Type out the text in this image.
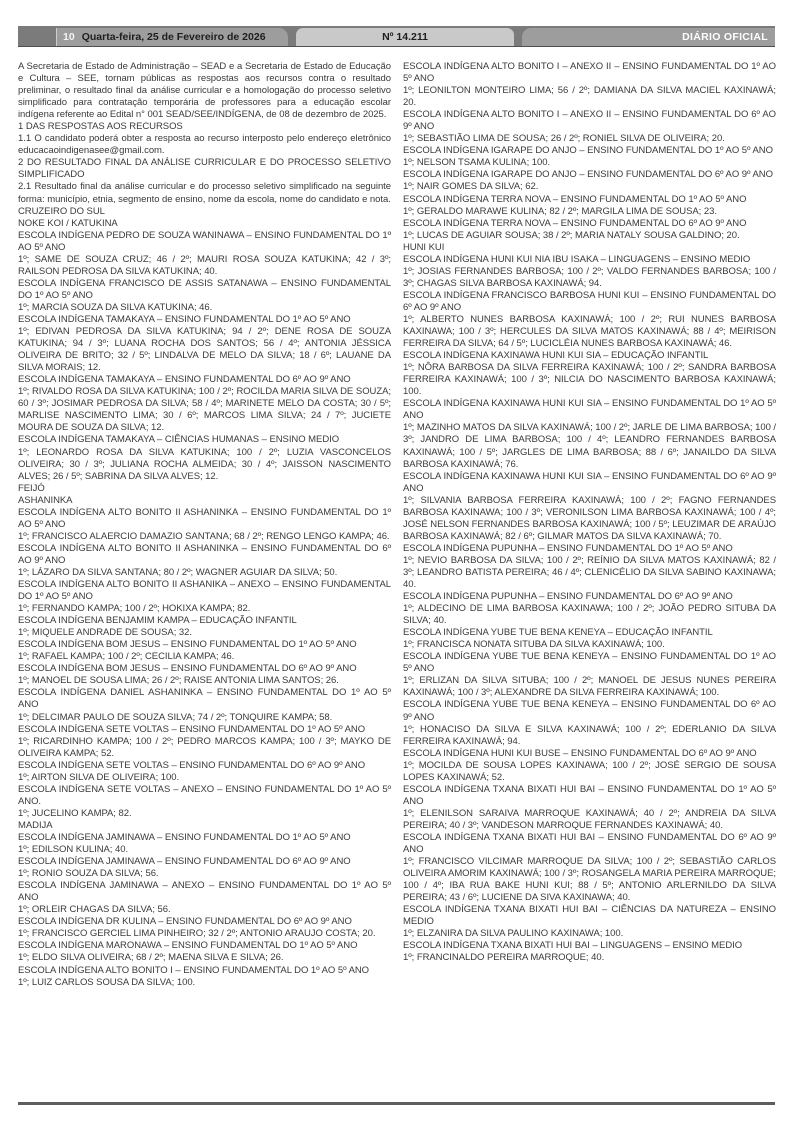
10 Quarta-feira, 25 de Fevereiro de 2026	Nº 14.211	DIÁRIO OFICIAL

A Secretaria de Estado de Administração – SEAD e a Secretaria de Estado de Educação e Cultura – SEE, tornam públicas as respostas aos recursos contra o resultado preliminar, o resultado final da análise curricular e a homologação do processo seletivo simplificado para contratação temporária de professores para a educação escolar indígena referente ao Edital n° 001 SEAD/SEE/INDÍGENA, de 08 de dezembro de 2025.

1 DAS RESPOSTAS AOS RECURSOS

1.1 O candidato poderá obter a resposta ao recurso interposto pelo endereço eletrônico educacaoindigenasee@gmail.com.

2 DO RESULTADO FINAL DA ANÁLISE CURRICULAR E DO PROCESSO SELETIVO SIMPLIFICADO

2.1 Resultado final da análise curricular e do processo seletivo simplificado na seguinte forma: município, etnia, segmento de ensino, nome da escola, nome do candidato e nota.

CRUZEIRO DO SUL

NOKE KOI / KATUKINA

ESCOLA INDÍGENA PEDRO DE SOUZA WANINAWA – ENSINO FUNDAMENTAL DO 1º AO 5º ANO

1º; SAME DE SOUZA CRUZ; 46 / 2º; MAURI ROSA SOUZA KATUKINA; 42 / 3º; RAILSON PEDROSA DA SILVA KATUKINA; 40.

ESCOLA INDÍGENA FRANCISCO DE ASSIS SATANAWA – ENSINO FUNDAMENTAL DO 1º AO 5º ANO

1º; MARCIA SOUZA DA SILVA KATUKINA; 46.

ESCOLA INDÍGENA TAMAKAYA – ENSINO FUNDAMENTAL DO 1º AO 5º ANO

1º; EDIVAN PEDROSA DA SILVA KATUKINA; 94 / 2º; DENE ROSA DE SOUZA KATUKINA; 94 / 3º; LUANA ROCHA DOS SANTOS; 56 / 4º; ANTONIA JÉSSICA OLIVEIRA DE BRITO; 32 / 5º; LINDALVA DE MELO DA SILVA; 18 / 6º; LAUANE DA SILVA MORAIS; 12.

ESCOLA INDÍGENA TAMAKAYA – ENSINO FUNDAMENTAL DO 6º AO 9º ANO

1º; RIVALDO ROSA DA SILVA KATUKINA; 100 / 2º; ROCILDA MARIA SILVA DE SOUZA; 60 / 3º; JOSIMAR PEDROSA DA SILVA; 58 / 4º; MARINETE MELO DA COSTA; 30 / 5º; MARLISE NASCIMENTO LIMA; 30 / 6º; MARCOS LIMA SILVA; 24 / 7º; JUCIETE MOURA DE SOUZA DA SILVA; 12.

ESCOLA INDÍGENA TAMAKAYA – CIÊNCIAS HUMANAS – ENSINO MEDIO

1º; LEONARDO ROSA DA SILVA KATUKINA; 100 / 2º; LUZIA VASCONCELOS OLIVEIRA; 30 / 3º; JULIANA ROCHA ALMEIDA; 30 / 4º; JAISSON NASCIMENTO ALVES; 26 / 5º; SABRINA DA SILVA ALVES; 12.

FEIJÓ

ASHANINKA

ESCOLA INDÍGENA ALTO BONITO II ASHANINKA – ENSINO FUNDAMENTAL DO 1º AO 5º ANO

1º; FRANCISCO ALAERCIO DAMAZIO SANTANA; 68 / 2º; RENGO LENGO KAMPA; 46.

ESCOLA INDÍGENA ALTO BONITO II ASHANINKA – ENSINO FUNDAMENTAL DO 6º AO 9º ANO

1º; LÁZARO DA SILVA SANTANA; 80 / 2º; WAGNER AGUIAR DA SILVA; 50.

ESCOLA INDÍGENA ALTO BONITO II ASHANIKA – ANEXO – ENSINO FUNDAMENTAL DO 1º AO 5º ANO

1º; FERNANDO KAMPA; 100 / 2º; HOKIXA KAMPA; 82.

ESCOLA INDÍGENA BENJAMIM KAMPA – EDUCAÇÃO INFANTIL

1º; MIQUELE ANDRADE DE SOUSA; 32.

ESCOLA INDÍGENA BOM JESUS – ENSINO FUNDAMENTAL DO 1º AO 5º ANO

1º; RAFAEL KAMPA; 100 / 2º; CECILIA KAMPA; 46.

ESCOLA INDÍGENA BOM JESUS – ENSINO FUNDAMENTAL DO 6º AO 9º ANO

1º; MANOEL DE SOUSA LIMA; 26 / 2º; RAISE ANTONIA LIMA SANTOS; 26.

ESCOLA INDÍGENA DANIEL ASHANINKA – ENSINO FUNDAMENTAL DO 1º AO 5º ANO

1º; DELCIMAR PAULO DE SOUZA SILVA; 74 / 2º; TONQUIRE KAMPA; 58.

ESCOLA INDÍGENA SETE VOLTAS – ENSINO FUNDAMENTAL DO 1º AO 5º ANO

1º; RICARDINHO KAMPA; 100 / 2º; PEDRO MARCOS KAMPA; 100 / 3º; MAYKO DE OLIVEIRA KAMPA; 52.

ESCOLA INDÍGENA SETE VOLTAS – ENSINO FUNDAMENTAL DO 6º AO 9º ANO

1º; AIRTON SILVA DE OLIVEIRA; 100.

ESCOLA INDÍGENA SETE VOLTAS – ANEXO – ENSINO FUNDAMENTAL DO 1º AO 5º ANO.

1º; JUCELINO KAMPA; 82.

MADIJA

ESCOLA INDÍGENA JAMINAWA – ENSINO FUNDAMENTAL DO 1º AO 5º ANO

1º; EDILSON KULINA; 40.

ESCOLA INDÍGENA JAMINAWA – ENSINO FUNDAMENTAL DO 6º AO 9º ANO

1º; RONIO SOUZA DA SILVA; 56.

ESCOLA INDÍGENA JAMINAWA – ANEXO – ENSINO FUNDAMENTAL DO 1º AO 5º ANO

1º; ORLEIR CHAGAS DA SILVA; 56.

ESCOLA INDÍGENA DR KULINA – ENSINO FUNDAMENTAL DO 6º AO 9º ANO

1º; FRANCISCO GERCIEL LIMA PINHEIRO; 32 / 2º; ANTONIO ARAUJO COSTA; 20.

ESCOLA INDÍGENA MARONAWA – ENSINO FUNDAMENTAL DO 1º AO 5º ANO

1º; ELDO SILVA OLIVEIRA; 68 / 2º; MAENA SILVA E SILVA; 26.

ESCOLA INDÍGENA ALTO BONITO I – ENSINO FUNDAMENTAL DO 1º AO 5º ANO

1º; LUIZ CARLOS SOUSA DA SILVA; 100.

ESCOLA INDÍGENA ALTO BONITO I – ANEXO II – ENSINO FUNDAMENTAL DO 1º AO 5º ANO

1º; LEONILTON MONTEIRO LIMA; 56 / 2º; DAMIANA DA SILVA MACIEL KAXINAWÁ; 20.

ESCOLA INDÍGENA ALTO BONITO I – ANEXO II – ENSINO FUNDAMENTAL DO 6º AO 9º ANO

1º; SEBASTIÃO LIMA DE SOUSA; 26 / 2º; RONIEL SILVA DE OLIVEIRA; 20.

ESCOLA INDÍGENA IGARAPE DO ANJO – ENSINO FUNDAMENTAL DO 1º AO 5º ANO

1º; NELSON TSAMA KULINA; 100.

ESCOLA INDÍGENA IGARAPE DO ANJO – ENSINO FUNDAMENTAL DO 6º AO 9º ANO

1º; NAIR GOMES DA SILVA; 62.

ESCOLA INDÍGENA TERRA NOVA – ENSINO FUNDAMENTAL DO 1º AO 5º ANO

1º; GERALDO MARAWE KULINA; 82 / 2º; MARGILA LIMA DE SOUSA; 23.

ESCOLA INDÍGENA TERRA NOVA – ENSINO FUNDAMENTAL DO 6º AO 9º ANO

1º; LUCAS DE AGUIAR SOUSA; 38 / 2º; MARIA NATALY SOUSA GALDINO; 20.

HUNI KUI

ESCOLA INDÍGENA HUNI KUI NIA IBU ISAKA – LINGUAGENS – ENSINO MEDIO

1º; JOSIAS FERNANDES BARBOSA; 100 / 2º; VALDO FERNANDES BARBOSA; 100 / 3º; CHAGAS SILVA BARBOSA KAXINAWÁ; 94.

ESCOLA INDÍGENA FRANCISCO BARBOSA HUNI KUI – ENSINO FUNDAMENTAL DO 6º AO 9º ANO

1º; ALBERTO NUNES BARBOSA KAXINAWÁ; 100 / 2º; RUI NUNES BARBOSA KAXINAWA; 100 / 3º; HERCULES DA SILVA MATOS KAXINAWÁ; 88 / 4º; MEIRISON FERREIRA DA SILVA; 64 / 5º; LUCICLÉIA NUNES BARBOSA KAXINAWÁ; 46.

ESCOLA INDÍGENA KAXINAWA HUNI KUI SIA – EDUCAÇÃO INFANTIL

1º; NÔRA BARBOSA DA SILVA FERREIRA KAXINAWÁ; 100 / 2º; SANDRA BARBOSA FERREIRA KAXINAWÁ; 100 / 3º; NILCIA DO NASCIMENTO BARBOSA KAXINAWÁ; 100.

ESCOLA INDÍGENA KAXINAWA HUNI KUI SIA – ENSINO FUNDAMENTAL DO 1º AO 5º ANO

1º; MAZINHO MATOS DA SILVA KAXINAWÁ; 100 / 2º; JARLE DE LIMA BARBOSA; 100 / 3º; JANDRO DE LIMA BARBOSA; 100 / 4º; LEANDRO FERNANDES BARBOSA KAXINAWÁ; 100 / 5º; JARGLES DE LIMA BARBOSA; 88 / 6º; JANAILDO DA SILVA BARBOSA KAXINAWÁ; 76.

ESCOLA INDÍGENA KAXINAWA HUNI KUI SIA – ENSINO FUNDAMENTAL DO 6º AO 9º ANO

1º; SILVANIA BARBOSA FERREIRA KAXINAWÁ; 100 / 2º; FAGNO FERNANDES BARBOSA KAXINAWA; 100 / 3º; VERONILSON LIMA BARBOSA KAXINAWÁ; 100 / 4º; JOSÉ NELSON FERNANDES BARBOSA KAXINAWÁ; 100 / 5º; LEUZIMAR DE ARAÚJO BARBOSA KAXINAWÁ; 82 / 6º; GILMAR MATOS DA SILVA KAXINAWÁ; 70.

ESCOLA INDÍGENA PUPUNHA – ENSINO FUNDAMENTAL DO 1º AO 5º ANO

1º; NEVIO BARBOSA DA SILVA; 100 / 2º; REÍNIO DA SILVA MATOS KAXINAWÁ; 82 / 3º; LEANDRO BATISTA PEREIRA; 46 / 4º; CLENICÉLIO DA SILVA SABINO KAXINAWA; 40.

ESCOLA INDÍGENA PUPUNHA – ENSINO FUNDAMENTAL DO 6º AO 9º ANO

1º; ALDECINO DE LIMA BARBOSA KAXINAWA; 100 / 2º; JOÃO PEDRO SITUBA DA SILVA; 40.

ESCOLA INDÍGENA YUBE TUE BENA KENEYA – EDUCAÇÃO INFANTIL

1º; FRANCISCA NONATA SITUBA DA SILVA KAXINAWÁ; 100.

ESCOLA INDÍGENA YUBE TUE BENA KENEYA – ENSINO FUNDAMENTAL DO 1º AO 5º ANO

1º; ERLIZAN DA SILVA SITUBA; 100 / 2º; MANOEL DE JESUS NUNES PEREIRA KAXINAWÁ; 100 / 3º; ALEXANDRE DA SILVA FERREIRA KAXINAWÁ; 100.

ESCOLA INDÍGENA YUBE TUE BENA KENEYA – ENSINO FUNDAMENTAL DO 6º AO 9º ANO

1º; HONACISO DA SILVA E SILVA KAXINAWÁ; 100 / 2º; EDERLANIO DA SILVA FERREIRA KAXINAWÁ; 94.

ESCOLA INDÍGENA HUNI KUI BUSE – ENSINO FUNDAMENTAL DO 6º AO 9º ANO

1º; MOCILDA DE SOUSA LOPES KAXINAWA; 100 / 2º; JOSÉ SERGIO DE SOUSA LOPES KAXINAWÁ; 52.

ESCOLA INDÍGENA TXANA BIXATI HUI BAI – ENSINO FUNDAMENTAL DO 1º AO 5º ANO

1º; ELENILSON SARAIVA MARROQUE KAXINAWÁ; 40 / 2º; ANDREIA DA SILVA PEREIRA; 40 / 3º; VANDESON MARROQUE FERNANDES KAXINAWÁ; 40.

ESCOLA INDÍGENA TXANA BIXATI HUI BAI – ENSINO FUNDAMENTAL DO 6º AO 9º ANO

1º; FRANCISCO VILCIMAR MARROQUE DA SILVA; 100 / 2º; SEBASTIÃO CARLOS OLIVEIRA AMORIM KAXINAWÁ; 100 / 3º; ROSANGELA MARIA PEREIRA MARROQUE; 100 / 4º; IBA RUA BAKE HUNI KUI; 88 / 5º; ANTONIO ARLERNILDO DA SILVA PEREIRA; 43 / 6º; LUCIENE DA SIVA KAXINAWA; 40.

ESCOLA INDÍGENA TXANA BIXATI HUI BAI – CIÊNCIAS DA NATUREZA – ENSINO MEDIO

1º; ELZANIRA DA SILVA PAULINO KAXINAWA; 100.

ESCOLA INDÍGENA TXANA BIXATI HUI BAI – LINGUAGENS – ENSINO MEDIO

1º; FRANCINALDO PEREIRA MARROQUE; 40.
